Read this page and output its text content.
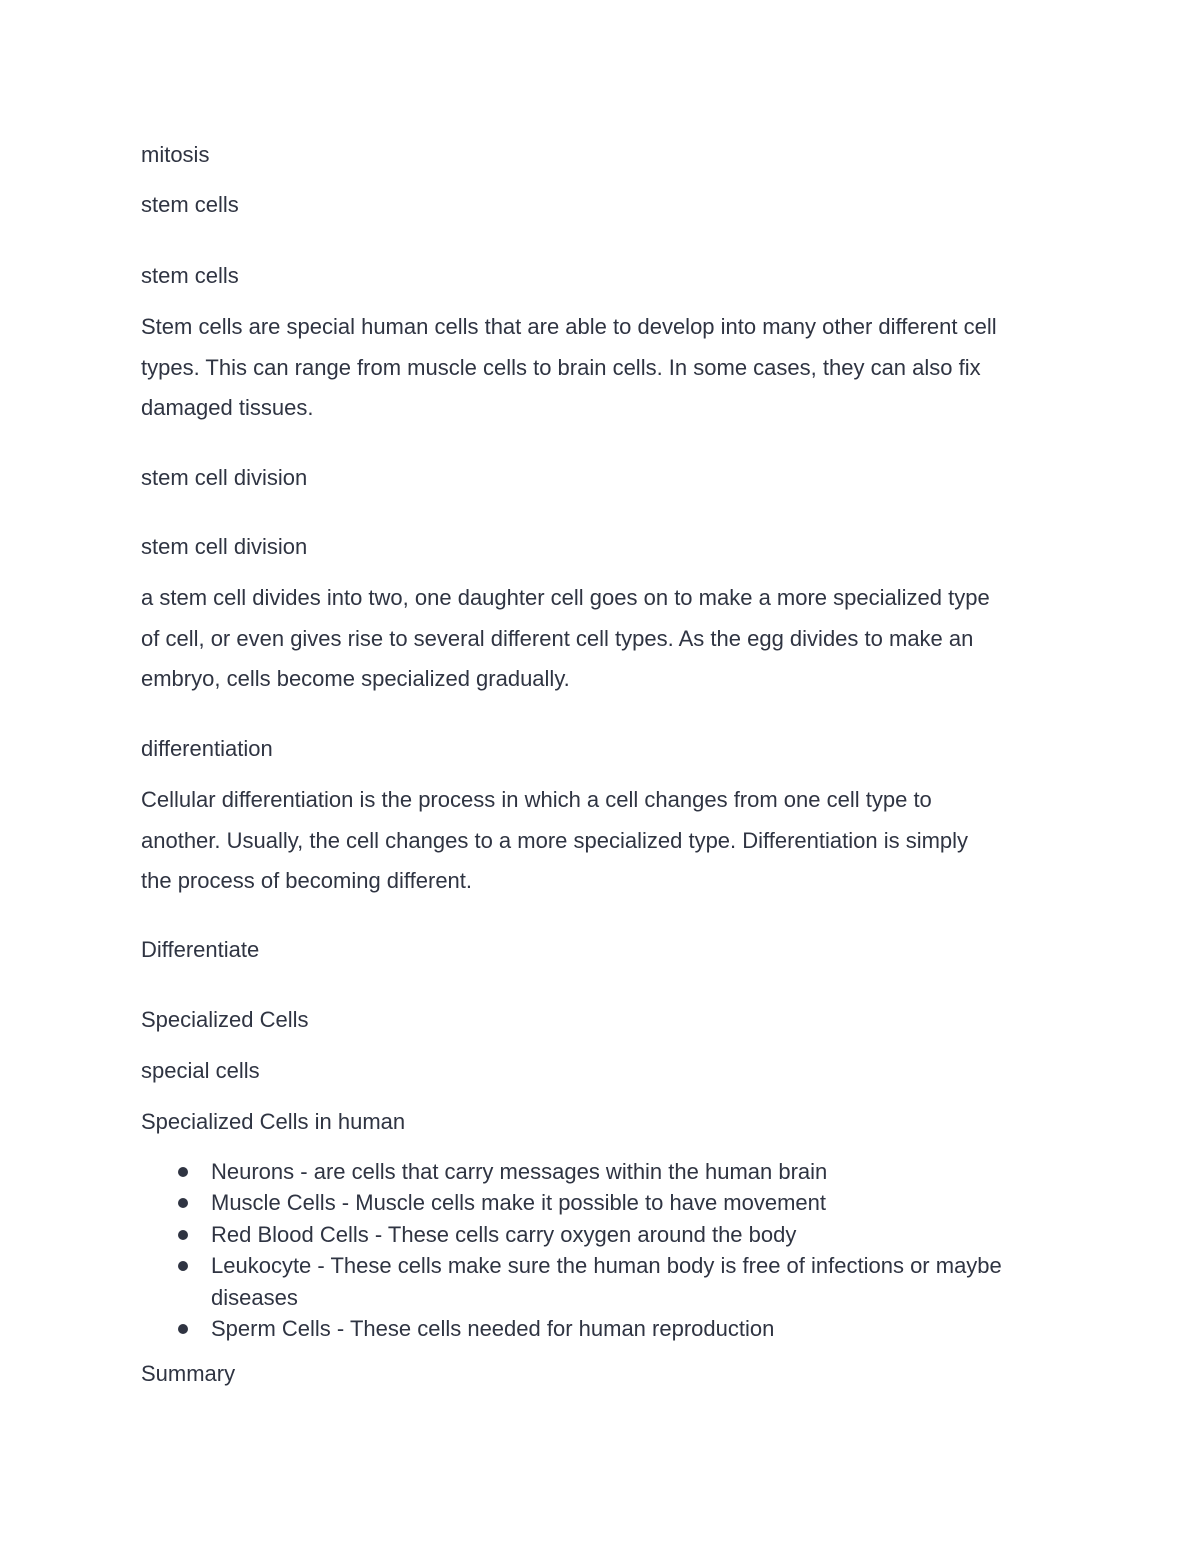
mitosis

stem cells

stem cells

Stem cells are special human cells that are able to develop into many other different cell
types. This can range from muscle cells to brain cells. In some cases, they can also fix
damaged tissues.

stem cell division

stem cell division

a stem cell divides into two, one daughter cell goes on to make a more specialized type
of cell, or even gives rise to several different cell types. As the egg divides to make an
embryo, cells become specialized gradually.

differentiation

Cellular differentiation is the process in which a cell changes from one cell type to
another. Usually, the cell changes to a more specialized type. Differentiation is simply
the process of becoming different.

Differentiate

Specialized Cells

special cells

Specialized Cells in human

Neurons - are cells that carry messages within the human brain
Muscle Cells - Muscle cells make it possible to have movement
Red Blood Cells - These cells carry oxygen around the body
Leukocyte - These cells make sure the human body is free of infections or maybe
diseases
Sperm Cells - These cells needed for human reproduction

Summary
